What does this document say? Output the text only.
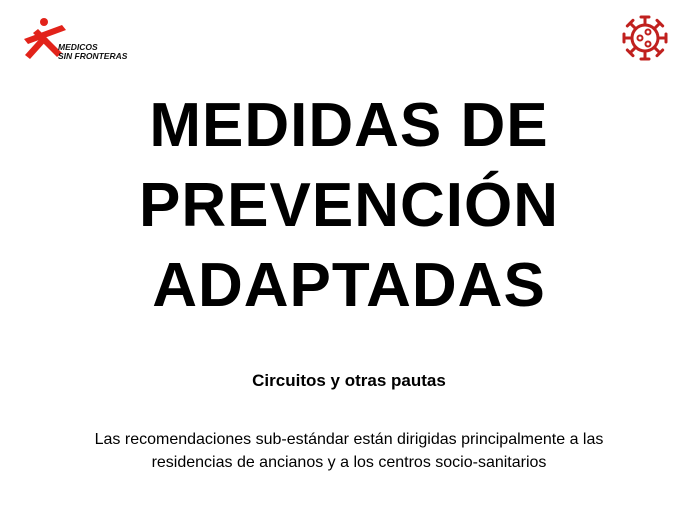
MEDICOS
SIN FRONTERAS
MEDIDAS DE
PREVENCIÓN
ADAPTADAS
Circuitos y otras pautas
Las recomendaciones sub-estándar están dirigidas principalmente a las
residencias de ancianos y a los centros socio-sanitarios
